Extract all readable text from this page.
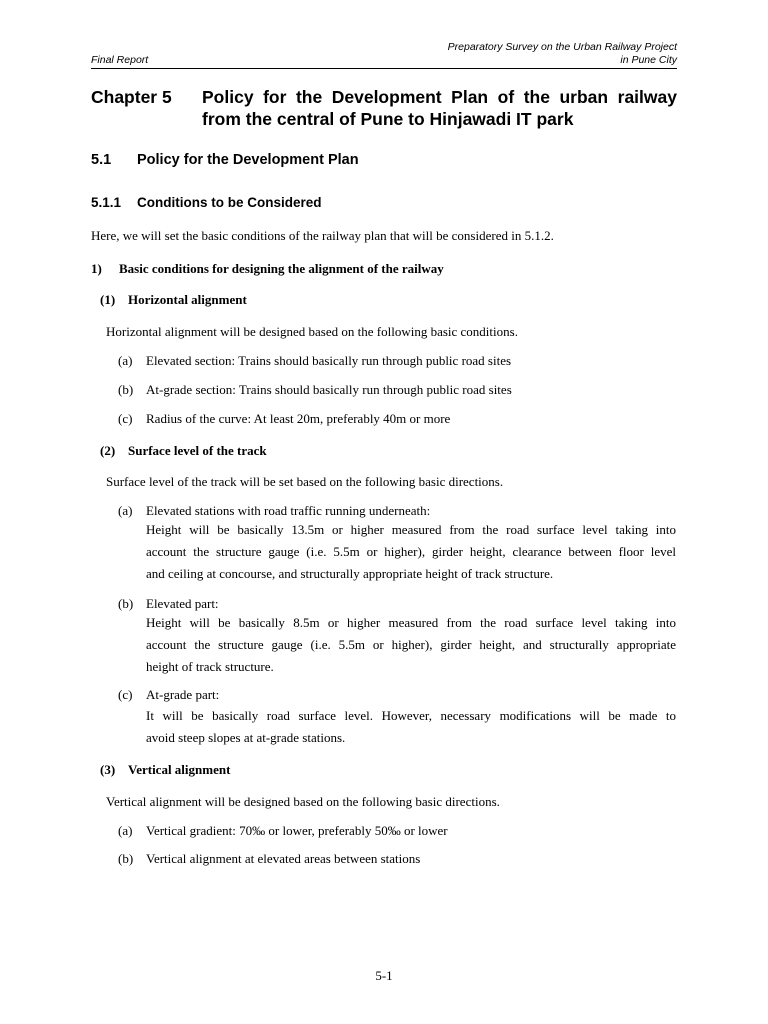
Preparatory Survey on the Urban Railway Project
in Pune City
Final Report
Chapter 5 Policy for the Development Plan of the urban railway
from the central of Pune to Hinjawadi IT park
5.1 Policy for the Development Plan
5.1.1 Conditions to be Considered
Here, we will set the basic conditions of the railway plan that will be considered in 5.1.2.
1) Basic conditions for designing the alignment of the railway
(1) Horizontal alignment
Horizontal alignment will be designed based on the following basic conditions.
(a) Elevated section: Trains should basically run through public road sites
(b) At-grade section: Trains should basically run through public road sites
(c) Radius of the curve: At least 20m, preferably 40m or more
(2) Surface level of the track
Surface level of the track will be set based on the following basic directions.
(a) Elevated stations with road traffic running underneath:
Height will be basically 13.5m or higher measured from the road surface level taking into
account the structure gauge (i.e. 5.5m or higher), girder height, clearance between floor level
and ceiling at concourse, and structurally appropriate height of track structure.
(b) Elevated part:
Height will be basically 8.5m or higher measured from the road surface level taking into
account the structure gauge (i.e. 5.5m or higher), girder height, and structurally appropriate
height of track structure.
(c) At-grade part:
It will be basically road surface level. However, necessary modifications will be made to
avoid steep slopes at at-grade stations.
(3) Vertical alignment
Vertical alignment will be designed based on the following basic directions.
(a) Vertical gradient: 70‰ or lower, preferably 50‰ or lower
(b) Vertical alignment at elevated areas between stations
5-1
